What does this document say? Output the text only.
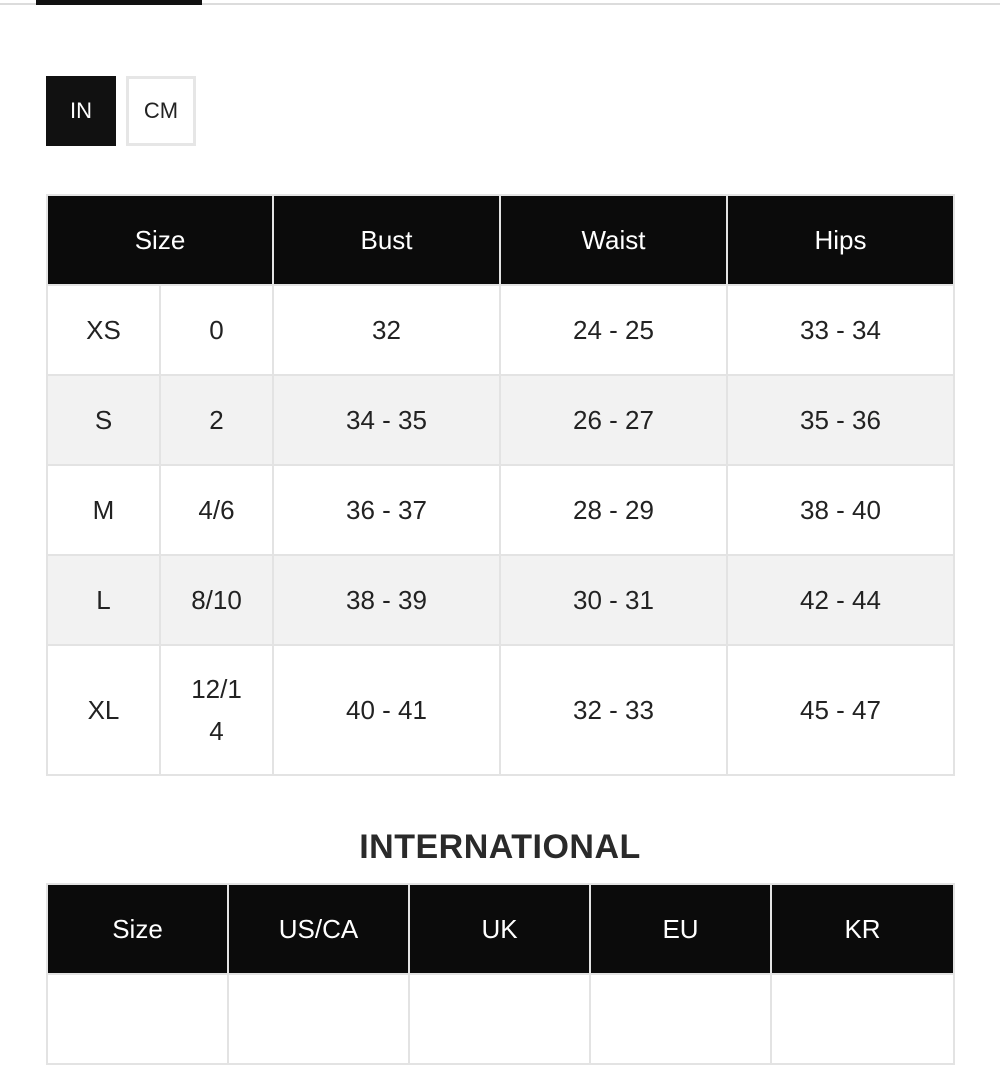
IN	CM
Size		Bust	Waist	Hips
XS	0	32	24 - 25	33 - 34
S	2	34 - 35	26 - 27	35 - 36
M	4/6	36 - 37	28 - 29	38 - 40
L	8/10	38 - 39	30 - 31	42 - 44
XL	12/14	40 - 41	32 - 33	45 - 47
INTERNATIONAL
Size	US/CA	UK	EU	KR
